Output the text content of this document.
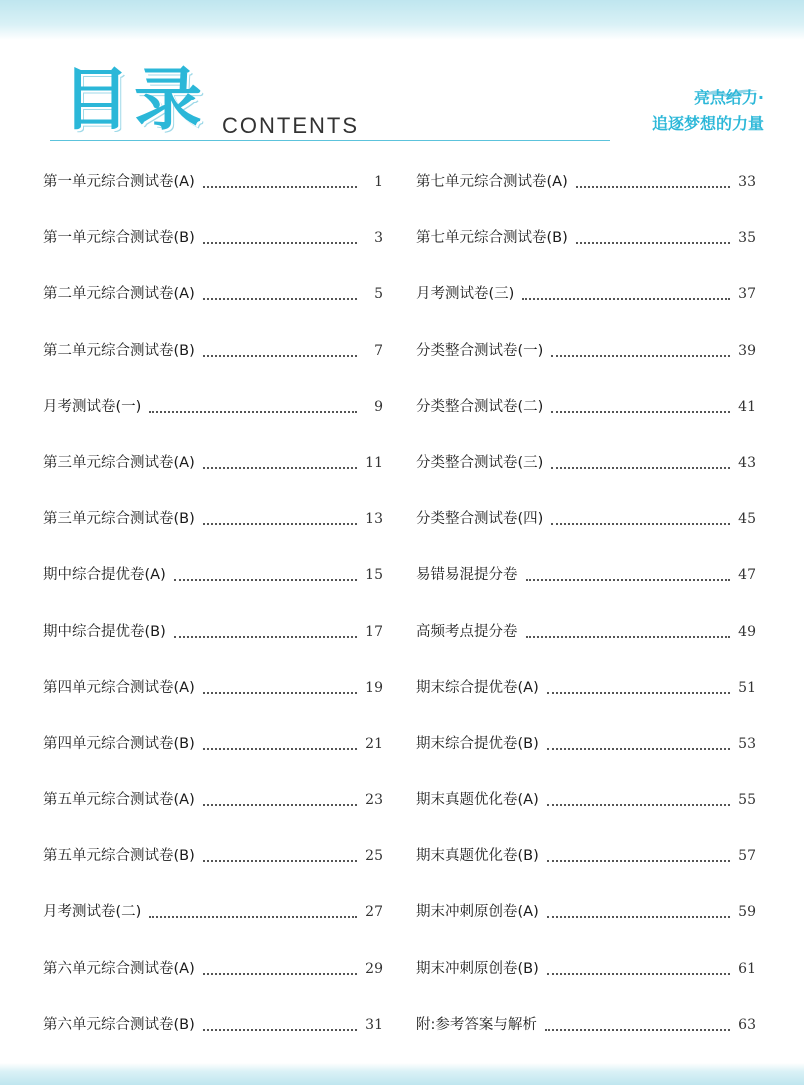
目录 CONTENTS
亮点给力·
追逐梦想的力量
第一单元综合测试卷(A)	1
第一单元综合测试卷(B)	3
第二单元综合测试卷(A)	5
第二单元综合测试卷(B)	7
月考测试卷(一)	9
第三单元综合测试卷(A)	11
第三单元综合测试卷(B)	13
期中综合提优卷(A)	15
期中综合提优卷(B)	17
第四单元综合测试卷(A)	19
第四单元综合测试卷(B)	21
第五单元综合测试卷(A)	23
第五单元综合测试卷(B)	25
月考测试卷(二)	27
第六单元综合测试卷(A)	29
第六单元综合测试卷(B)	31
第七单元综合测试卷(A)	33
第七单元综合测试卷(B)	35
月考测试卷(三)	37
分类整合测试卷(一)	39
分类整合测试卷(二)	41
分类整合测试卷(三)	43
分类整合测试卷(四)	45
易错易混提分卷	47
高频考点提分卷	49
期末综合提优卷(A)	51
期末综合提优卷(B)	53
期末真题优化卷(A)	55
期末真题优化卷(B)	57
期末冲刺原创卷(A)	59
期末冲刺原创卷(B)	61
附:参考答案与解析	63
